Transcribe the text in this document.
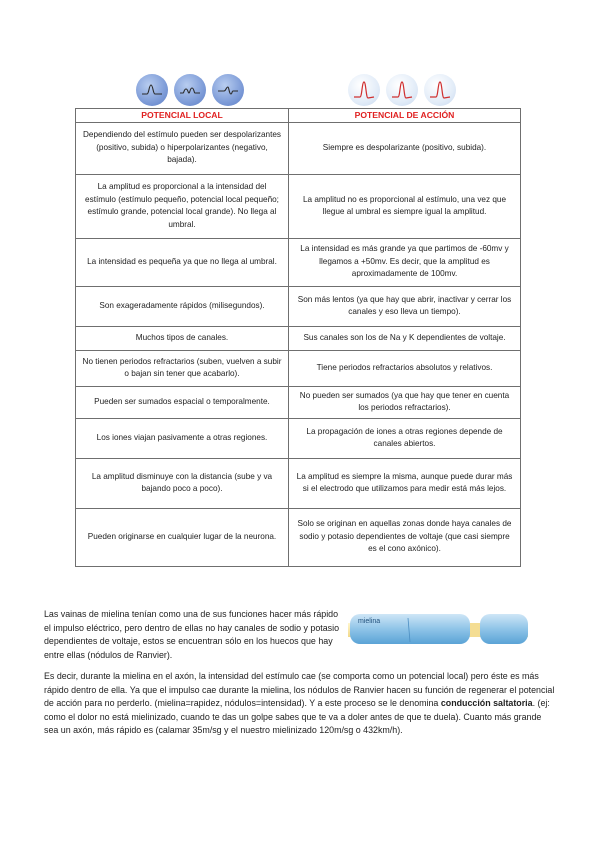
POTENCIAL LOCAL	POTENCIAL DE ACCIÓN
Dependiendo del estímulo pueden ser despolarizantes (positivo, subida) o hiperpolarizantes (negativo, bajada).	Siempre es despolarizante (positivo, subida).
La amplitud es proporcional a la intensidad del estímulo (estímulo pequeño, potencial local pequeño; estímulo grande, potencial local grande). No llega al umbral.	La amplitud no es proporcional al estímulo, una vez que llegue al umbral es siempre igual la amplitud.
La intensidad es pequeña ya que no llega al umbral.	La intensidad es más grande ya que partimos de -60mv y llegamos a +50mv. Es decir, que la amplitud es aproximadamente de 100mv.
Son exageradamente rápidos (milisegundos).	Son más lentos (ya que hay que abrir, inactivar y cerrar los canales y eso lleva un tiempo).
Muchos tipos de canales.	Sus canales son los de Na y K dependientes de voltaje.
No tienen periodos refractarios (suben, vuelven a subir o bajan sin tener que acabarlo).	Tiene periodos refractarios absolutos y relativos.
Pueden ser sumados espacial o temporalmente.	No pueden ser sumados (ya que hay que tener en cuenta los periodos refractarios).
Los iones viajan pasivamente a otras regiones.	La propagación de iones a otras regiones depende de canales abiertos.
La amplitud disminuye con la distancia (sube y va bajando poco a poco).	La amplitud es siempre la misma, aunque puede durar más si el electrodo que utilizamos para medir está más lejos.
Pueden originarse en cualquier lugar de la neurona.	Solo se originan en aquellas zonas donde haya canales de sodio y potasio dependientes de voltaje (que casi siempre es el cono axónico).

Las vainas de mielina tenían como una de sus funciones hacer más rápido el impulso eléctrico, pero dentro de ellas no hay canales de sodio y potasio dependientes de voltaje, estos se encuentran sólo en los huecos que hay entre ellas (nódulos de Ranvier).

mielina

Es decir, durante la mielina en el axón, la intensidad del estímulo cae (se comporta como un potencial local) pero éste es más rápido dentro de ella. Ya que el impulso cae durante la mielina, los nódulos de Ranvier hacen su función de regenerar el potencial de acción para no perderlo. (mielina=rapidez, nódulos=intensidad). Y a este proceso se le denomina conducción saltatoria. (ej: como el dolor no está mielinizado, cuando te das un golpe sabes que te va a doler antes de que te duela). Cuanto más grande sea un axón, más rápido es (calamar 35m/sg y el nuestro mielinizado 120m/sg o 432km/h).
